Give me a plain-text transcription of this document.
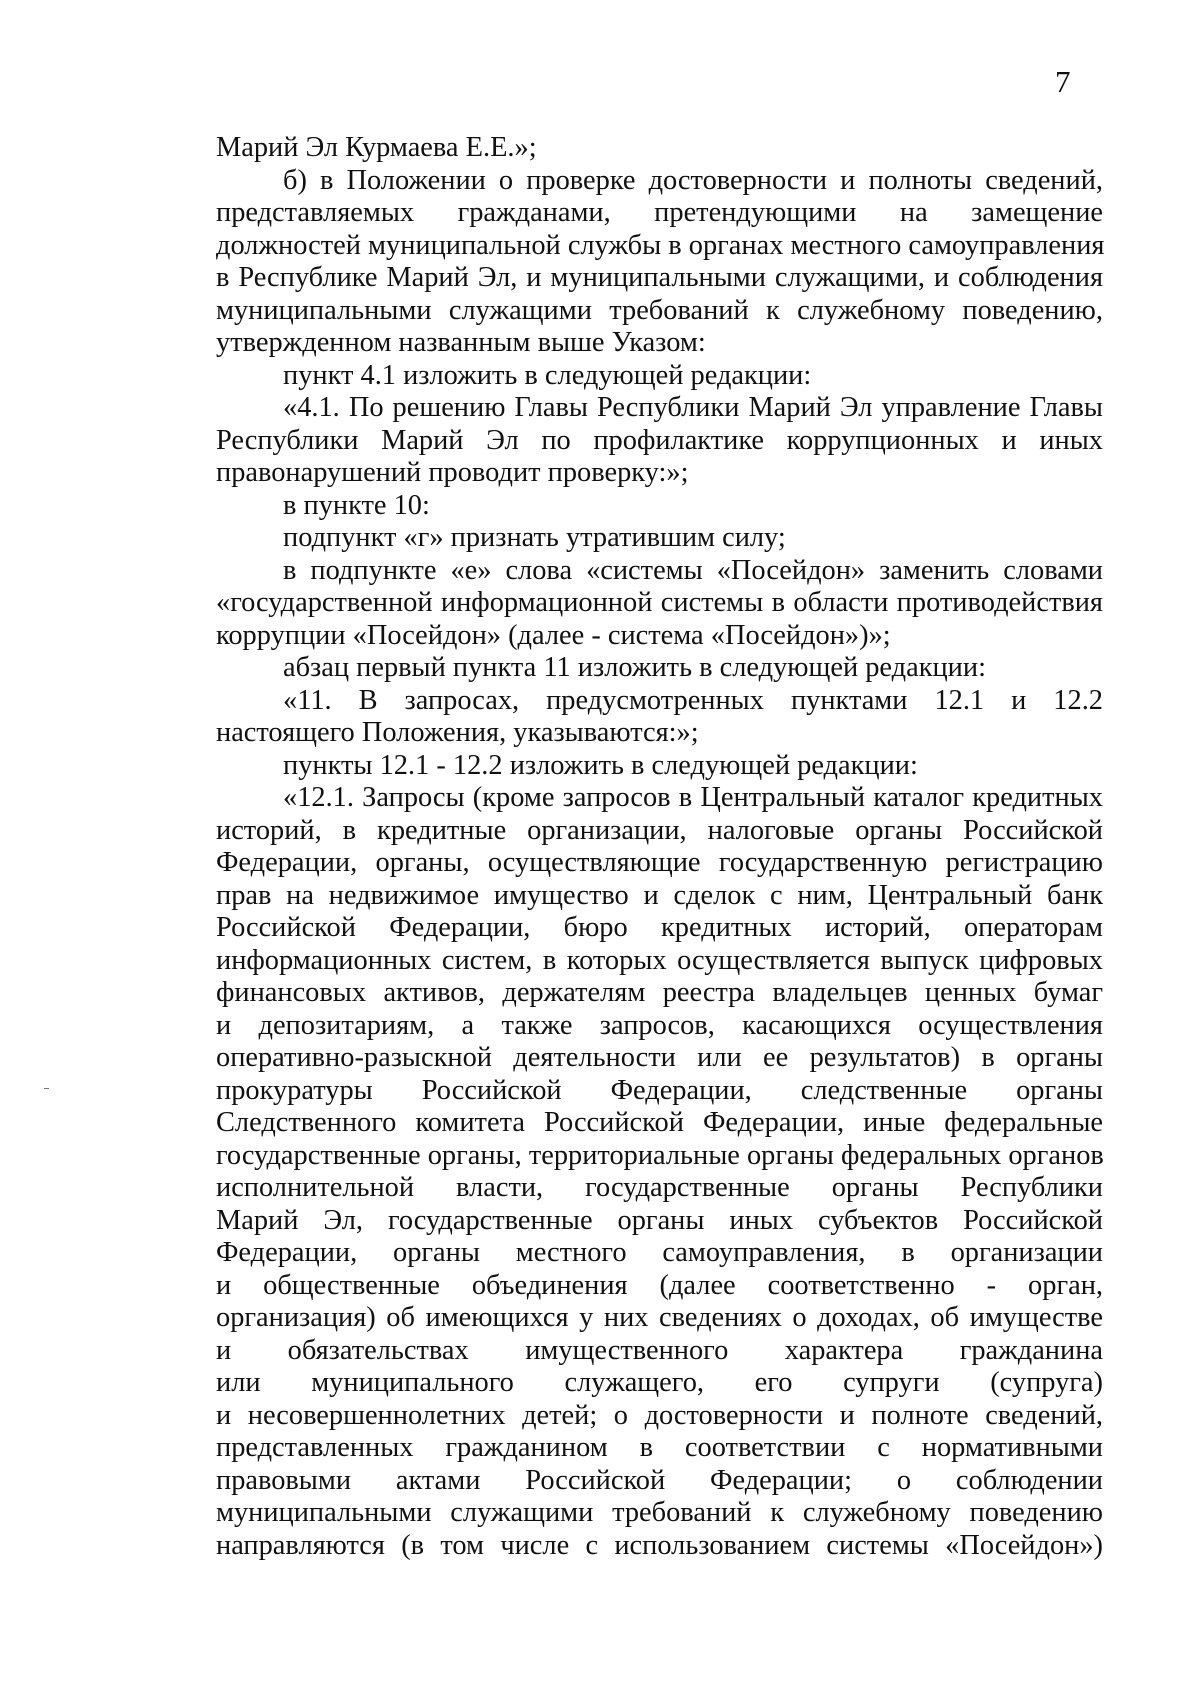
7
Марий Эл Курмаева Е.Е.»;
б) в Положении о проверке достоверности и полноты сведений,
представляемых гражданами, претендующими на замещение
должностей муниципальной службы в органах местного самоуправления
в Республике Марий Эл, и муниципальными служащими, и соблюдения
муниципальными служащими требований к служебному поведению,
утвержденном названным выше Указом:
пункт 4.1 изложить в следующей редакции:
«4.1. По решению Главы Республики Марий Эл управление Главы
Республики Марий Эл по профилактике коррупционных и иных
правонарушений проводит проверку:»;
в пункте 10:
подпункт «г» признать утратившим силу;
в подпункте «е» слова «системы «Посейдон» заменить словами
«государственной информационной системы в области противодействия
коррупции «Посейдон» (далее - система «Посейдон»)»;
абзац первый пункта 11 изложить в следующей редакции:
«11. В запросах, предусмотренных пунктами 12.1 и 12.2
настоящего Положения, указываются:»;
пункты 12.1 - 12.2 изложить в следующей редакции:
«12.1. Запросы (кроме запросов в Центральный каталог кредитных
историй, в кредитные организации, налоговые органы Российской
Федерации, органы, осуществляющие государственную регистрацию
прав на недвижимое имущество и сделок с ним, Центральный банк
Российской Федерации, бюро кредитных историй, операторам
информационных систем, в которых осуществляется выпуск цифровых
финансовых активов, держателям реестра владельцев ценных бумаг
и депозитариям, а также запросов, касающихся осуществления
оперативно-разыскной деятельности или ее результатов) в органы
прокуратуры Российской Федерации, следственные органы
Следственного комитета Российской Федерации, иные федеральные
государственные органы, территориальные органы федеральных органов
исполнительной власти, государственные органы Республики
Марий Эл, государственные органы иных субъектов Российской
Федерации, органы местного самоуправления, в организации
и общественные объединения (далее соответственно - орган,
организация) об имеющихся у них сведениях о доходах, об имуществе
и обязательствах имущественного характера гражданина
или муниципального служащего, его супруги (супруга)
и несовершеннолетних детей; о достоверности и полноте сведений,
представленных гражданином в соответствии с нормативными
правовыми актами Российской Федерации; о соблюдении
муниципальными служащими требований к служебному поведению
направляются (в том числе с использованием системы «Посейдон»)
